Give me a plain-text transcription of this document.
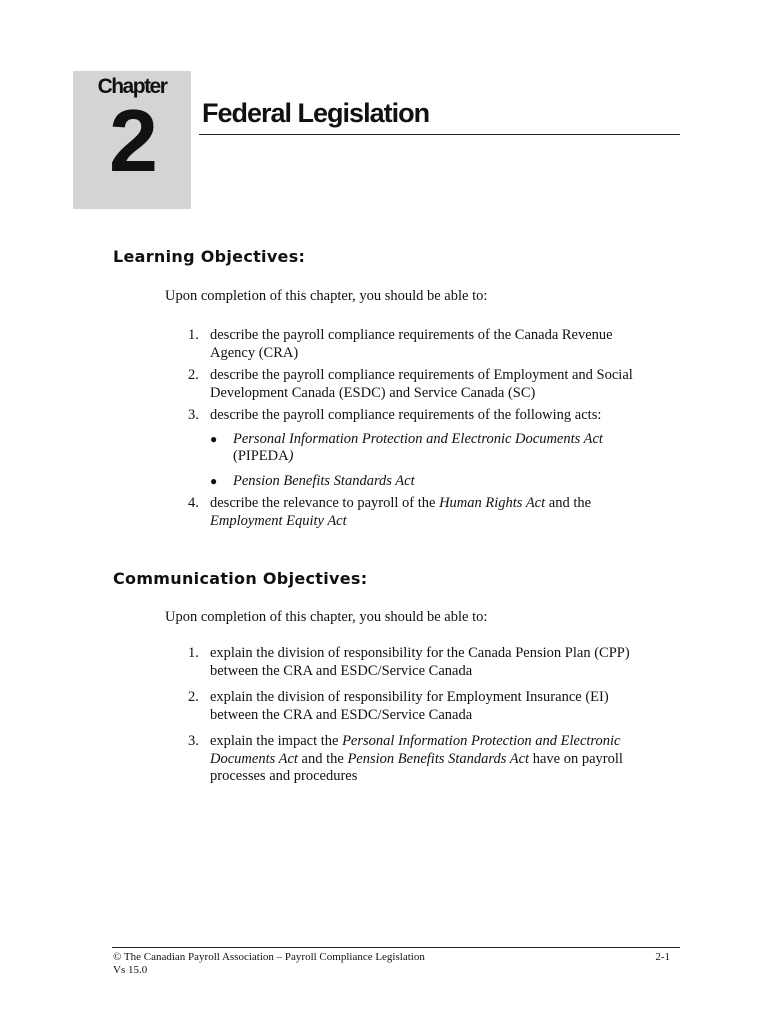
Chapter
2	Federal Legislation
Learning Objectives:
Upon completion of this chapter, you should be able to:
1. describe the payroll compliance requirements of the Canada Revenue Agency (CRA)
2. describe the payroll compliance requirements of Employment and Social Development Canada (ESDC) and Service Canada (SC)
3. describe the payroll compliance requirements of the following acts:
● Personal Information Protection and Electronic Documents Act (PIPEDA)
● Pension Benefits Standards Act
4. describe the relevance to payroll of the Human Rights Act and the Employment Equity Act
Communication Objectives:
Upon completion of this chapter, you should be able to:
1. explain the division of responsibility for the Canada Pension Plan (CPP) between the CRA and ESDC/Service Canada
2. explain the division of responsibility for Employment Insurance (EI) between the CRA and ESDC/Service Canada
3. explain the impact the Personal Information Protection and Electronic Documents Act and the Pension Benefits Standards Act have on payroll processes and procedures
© The Canadian Payroll Association – Payroll Compliance Legislation
Vs 15.0
2-1
